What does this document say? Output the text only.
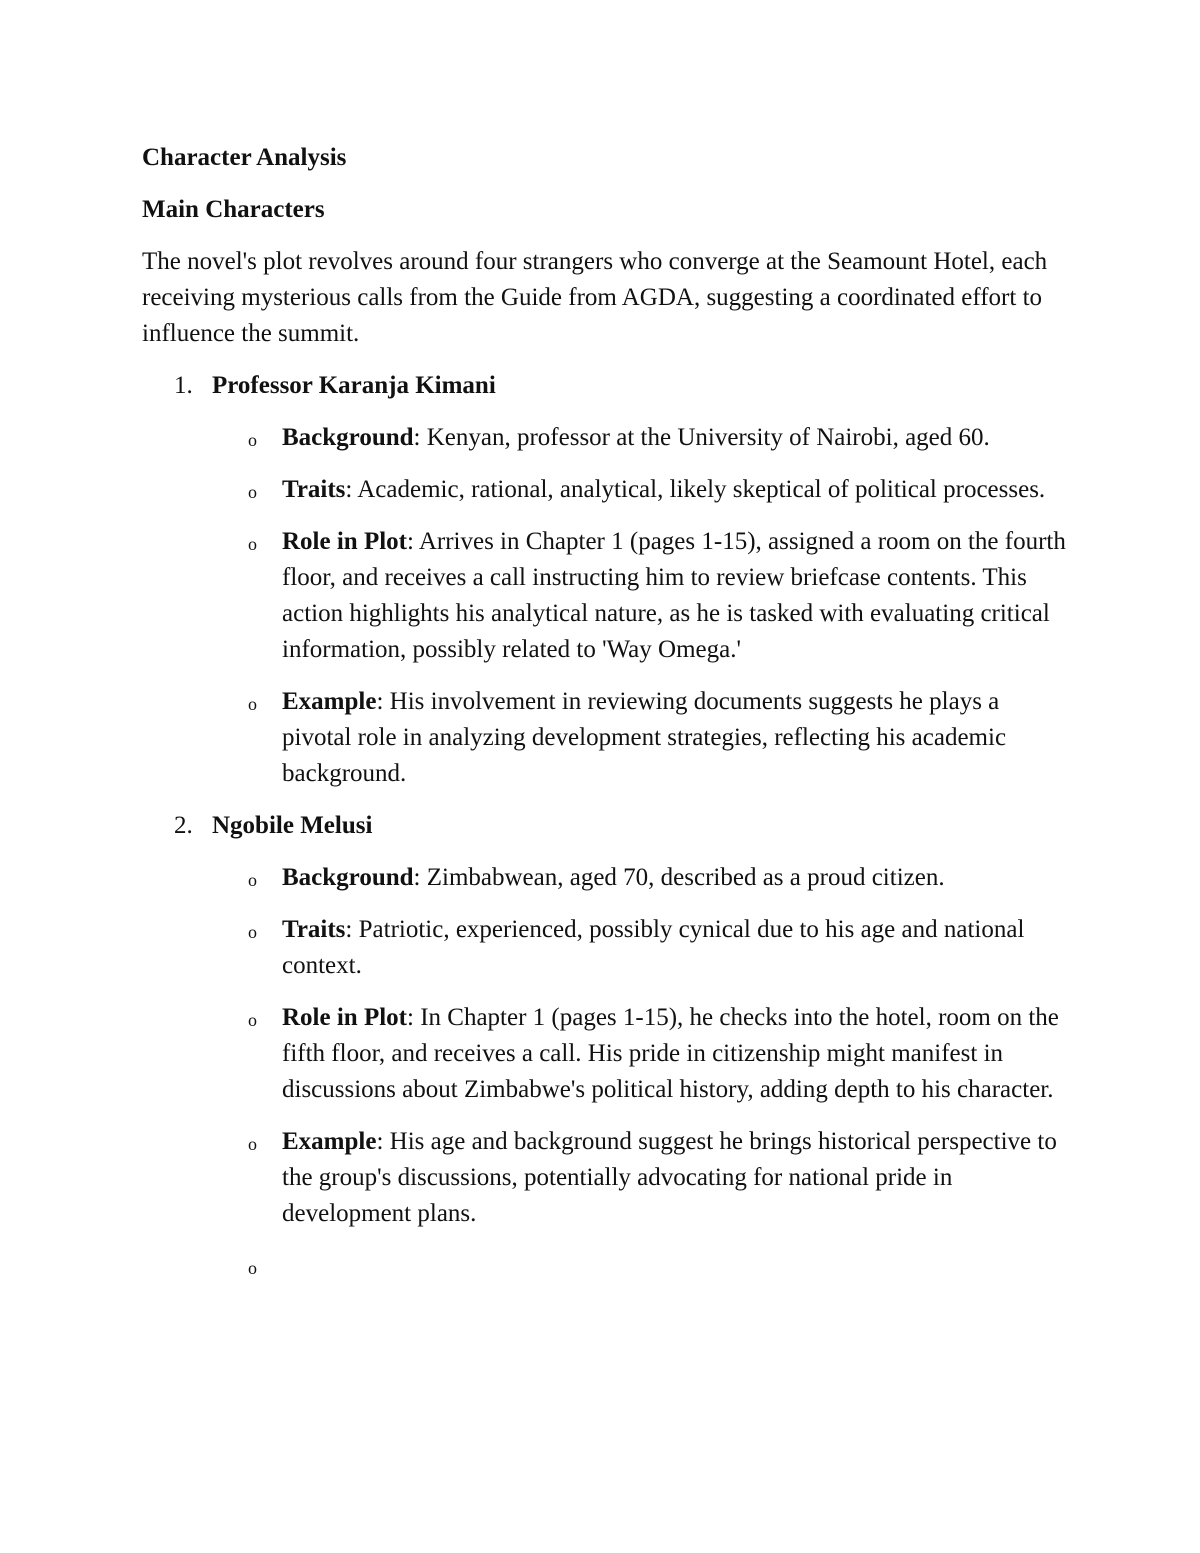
Character Analysis

Main Characters

The novel's plot revolves around four strangers who converge at the Seamount Hotel, each receiving mysterious calls from the Guide from AGDA, suggesting a coordinated effort to influence the summit.

1. Professor Karanja Kimani
o Background: Kenyan, professor at the University of Nairobi, aged 60.
o Traits: Academic, rational, analytical, likely skeptical of political processes.
o Role in Plot: Arrives in Chapter 1 (pages 1-15), assigned a room on the fourth floor, and receives a call instructing him to review briefcase contents. This action highlights his analytical nature, as he is tasked with evaluating critical information, possibly related to 'Way Omega.'
o Example: His involvement in reviewing documents suggests he plays a pivotal role in analyzing development strategies, reflecting his academic background.
2. Ngobile Melusi
o Background: Zimbabwean, aged 70, described as a proud citizen.
o Traits: Patriotic, experienced, possibly cynical due to his age and national context.
o Role in Plot: In Chapter 1 (pages 1-15), he checks into the hotel, room on the fifth floor, and receives a call. His pride in citizenship might manifest in discussions about Zimbabwe's political history, adding depth to his character.
o Example: His age and background suggest he brings historical perspective to the group's discussions, potentially advocating for national pride in development plans.
o
